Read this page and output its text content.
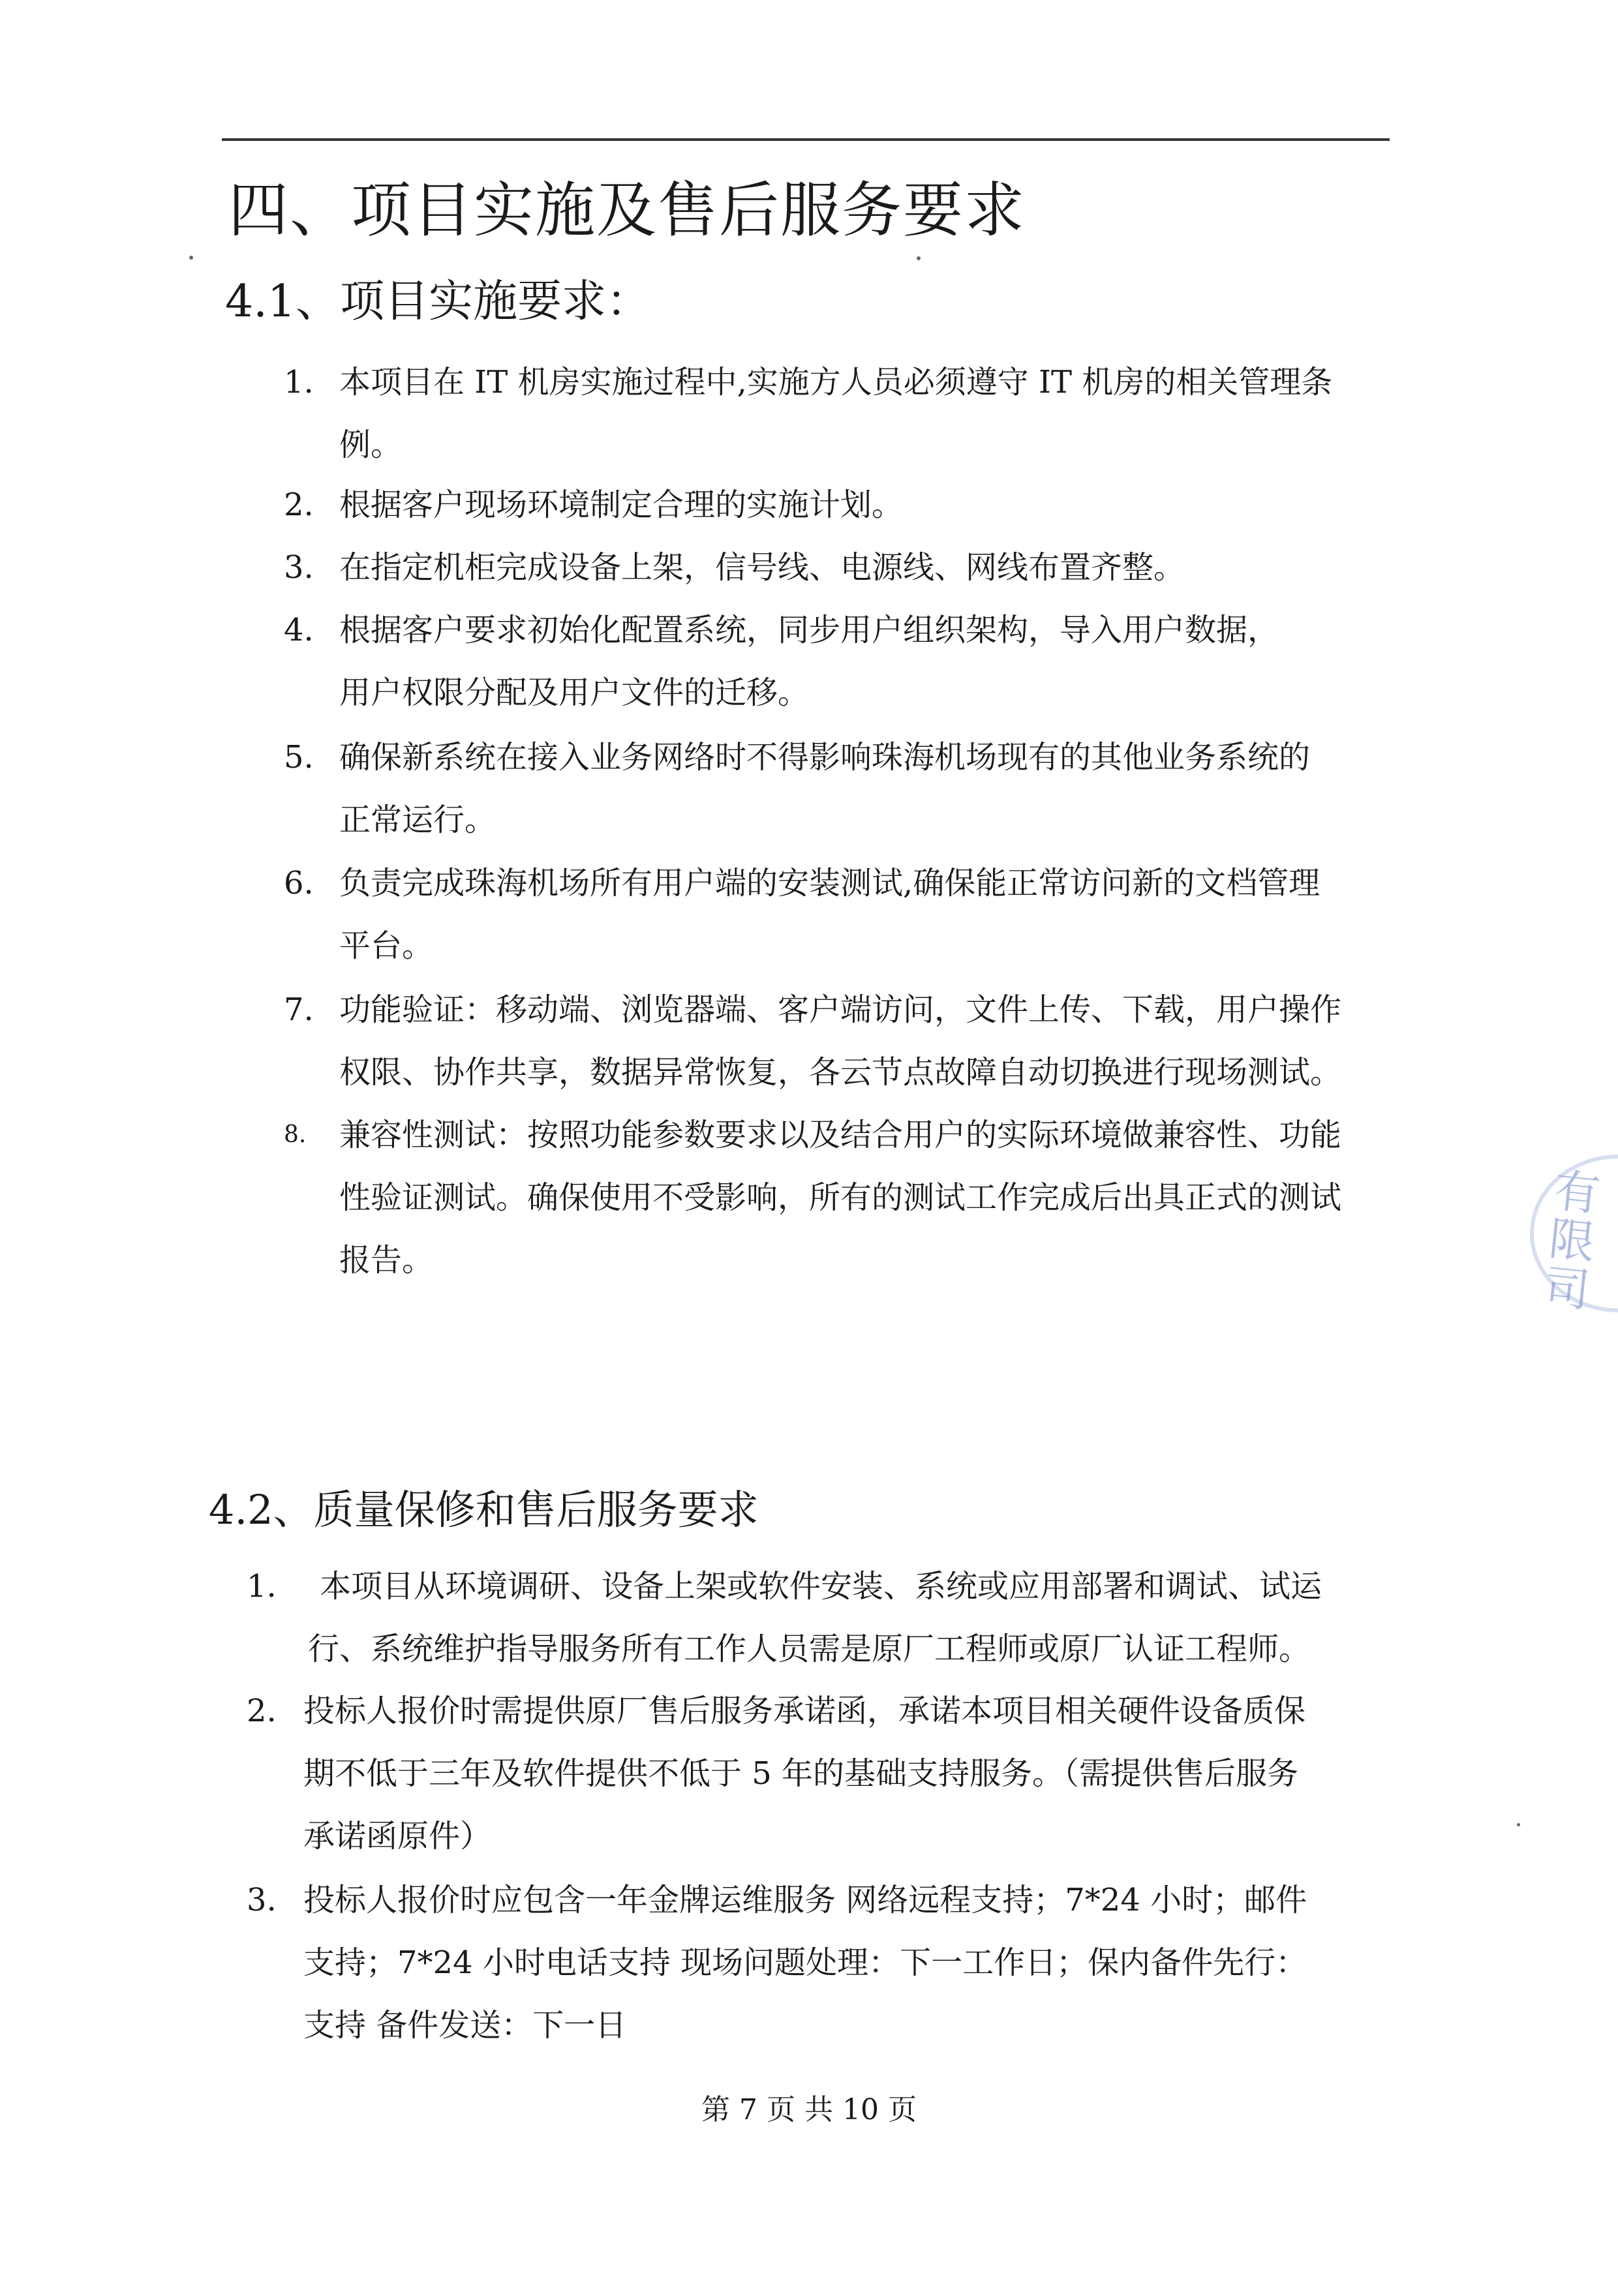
四、项目实施及售后服务要求
4.1、项目实施要求：
1. 本项目在 IT 机房实施过程中,实施方人员必须遵守 IT 机房的相关管理条
例。
2. 根据客户现场环境制定合理的实施计划。
3. 在指定机柜完成设备上架，信号线、电源线、网线布置齐整。
4. 根据客户要求初始化配置系统，同步用户组织架构，导入用户数据，
用户权限分配及用户文件的迁移。
5. 确保新系统在接入业务网络时不得影响珠海机场现有的其他业务系统的
正常运行。
6. 负责完成珠海机场所有用户端的安装测试,确保能正常访问新的文档管理
平台。
7. 功能验证：移动端、浏览器端、客户端访问，文件上传、下载，用户操作
权限、协作共享，数据异常恢复，各云节点故障自动切换进行现场测试。
8. 兼容性测试：按照功能参数要求以及结合用户的实际环境做兼容性、功能
性验证测试。确保使用不受影响，所有的测试工作完成后出具正式的测试
报告。
4.2、质量保修和售后服务要求
1. 本项目从环境调研、设备上架或软件安装、系统或应用部署和调试、试运
行、系统维护指导服务所有工作人员需是原厂工程师或原厂认证工程师。
2. 投标人报价时需提供原厂售后服务承诺函，承诺本项目相关硬件设备质保
期不低于三年及软件提供不低于 5 年的基础支持服务。（需提供售后服务
承诺函原件）
3. 投标人报价时应包含一年金牌运维服务 网络远程支持；7*24 小时；邮件
支持；7*24 小时电话支持 现场问题处理：下一工作日；保内备件先行：
支持 备件发送：下一日
第 7 页 共 10 页
有限司
